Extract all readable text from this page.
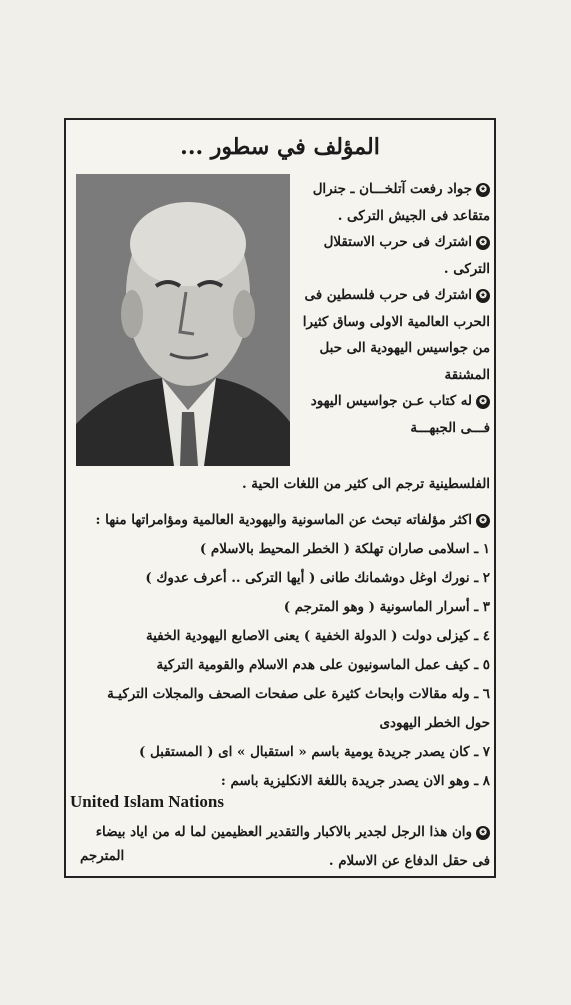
المؤلف في سطور ...

✪جواد رفعت آتلخـــان ـ جنرال متقاعد فى الجيش التركى .

✪اشترك فى حرب الاستقلال التركى .

✪اشترك فى حرب فلسطين فى الحرب العالمية الاولى وساق كثيرا من جواسيس اليهودية الى حبل المشنقة

✪له كتاب عـن جواسيس اليهود فـــى الجبهـــة

الفلسطينية ترجم الى كثير من اللغات الحية .
✪اكثر مؤلفاته تبحث عن الماسونية واليهودية العالمية ومؤامراتها منها :
١ ـ اسلامى صاران تهلكة ( الخطر المحيط بالاسلام )
٢ ـ نورك اوغل دوشمانك طانى ( أيها التركى .. أعرف عدوك )
٣ ـ أسرار الماسونية ( وهو المترجم )
٤ ـ كيزلى دولت ( الدولة الخفية ) يعنى الاصابع اليهودية الخفية
٥ ـ كيف عمل الماسونيون على هدم الاسلام والقومية التركية
٦ ـ وله مقالات وابحاث كثيرة على صفحات الصحف والمجلات التركيـة
حول الخطر اليهودى
٧ ـ كان يصدر جريدة يومية باسم « استقبال » اى ( المستقبل )
٨ ـ وهو الان يصدر جريدة باللغة الانكليزية باسم :
United Islam Nations
✪وان هذا الرجل لجدير بالاكبار والتقدير العظيمين لما له من اياد بيضاء
فى حقل الدفاع عن الاسلام .
المترجم
